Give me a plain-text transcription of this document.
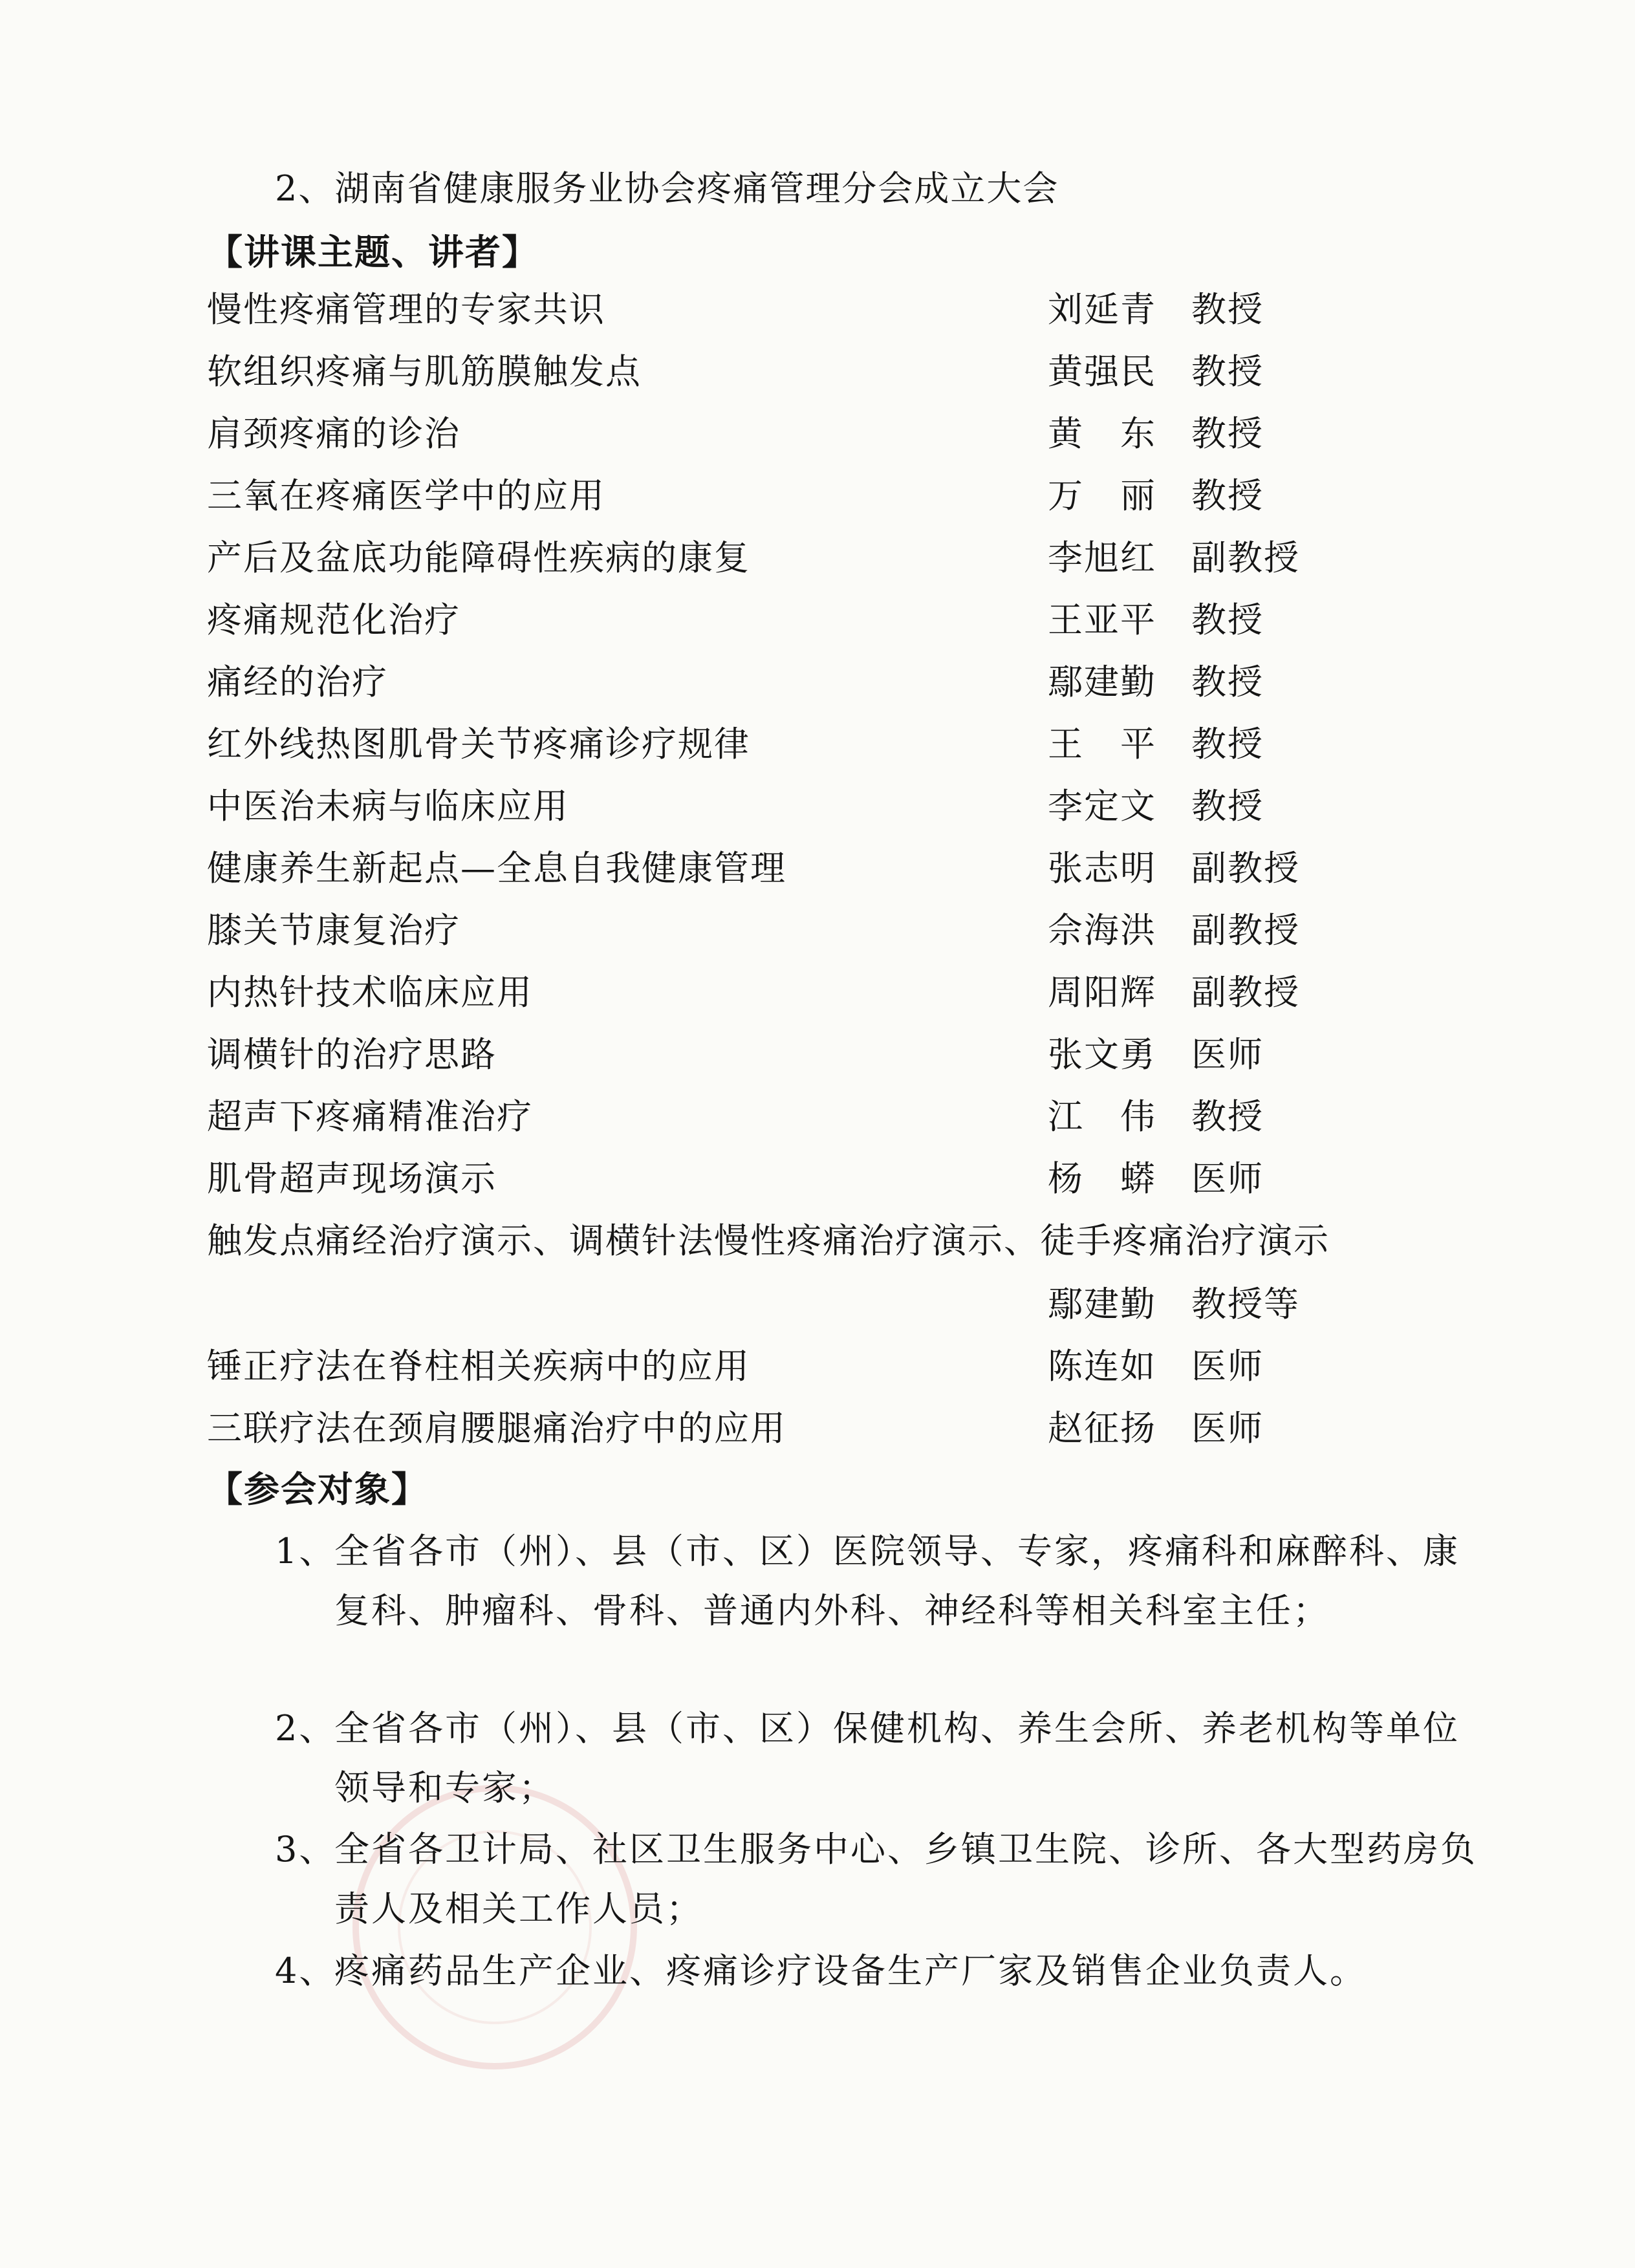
2、湖南省健康服务业协会疼痛管理分会成立大会
【讲课主题、讲者】
慢性疼痛管理的专家共识	刘延青 教授
软组织疼痛与肌筋膜触发点	黄强民 教授
肩颈疼痛的诊治	黄　东 教授
三氧在疼痛医学中的应用	万　丽 教授
产后及盆底功能障碍性疾病的康复	李旭红 副教授
疼痛规范化治疗	王亚平 教授
痛经的治疗	鄢建勤 教授
红外线热图肌骨关节疼痛诊疗规律	王　平 教授
中医治未病与临床应用	李定文 教授
健康养生新起点—全息自我健康管理	张志明 副教授
膝关节康复治疗	佘海洪 副教授
内热针技术临床应用	周阳辉 副教授
调横针的治疗思路	张文勇 医师
超声下疼痛精准治疗	江　伟 教授
肌骨超声现场演示	杨　蟒 医师
触发点痛经治疗演示、调横针法慢性疼痛治疗演示、徒手疼痛治疗演示
鄢建勤 教授等
锤正疗法在脊柱相关疾病中的应用	陈连如 医师
三联疗法在颈肩腰腿痛治疗中的应用	赵征扬 医师
【参会对象】
1、
全省各市（州）、县（市、区）医院领导、专家，疼痛科和麻醉科、康复科、肿瘤科、骨科、普通内外科、神经科等相关科室主任；
2、
全省各市（州）、县（市、区）保健机构、养生会所、养老机构等单位领导和专家；
3、
全省各卫计局、社区卫生服务中心、乡镇卫生院、诊所、各大型药房负责人及相关工作人员；
4、
疼痛药品生产企业、疼痛诊疗设备生产厂家及销售企业负责人。
